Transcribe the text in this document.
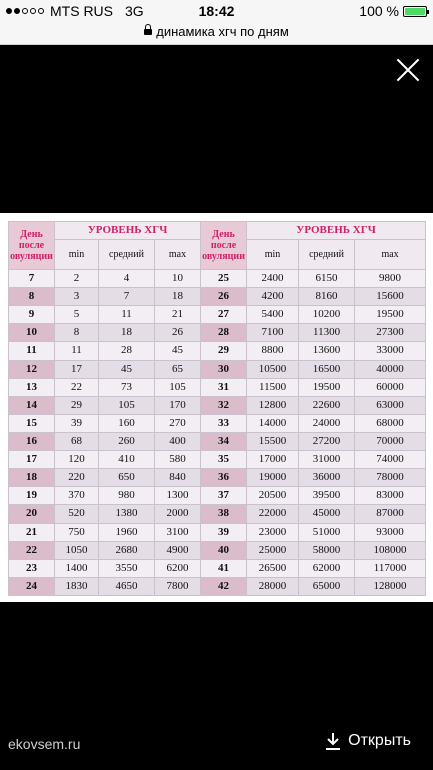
MTS RUS 3G	18:42	100 %
динамика хгч по дням
День после овуляции	УРОВЕНЬ ХГЧ			День после овуляции	УРОВЕНЬ ХГЧ		
	min	средний	max		min	средний	max
7	2	4	10	25	2400	6150	9800
8	3	7	18	26	4200	8160	15600
9	5	11	21	27	5400	10200	19500
10	8	18	26	28	7100	11300	27300
11	11	28	45	29	8800	13600	33000
12	17	45	65	30	10500	16500	40000
13	22	73	105	31	11500	19500	60000
14	29	105	170	32	12800	22600	63000
15	39	160	270	33	14000	24000	68000
16	68	260	400	34	15500	27200	70000
17	120	410	580	35	17000	31000	74000
18	220	650	840	36	19000	36000	78000
19	370	980	1300	37	20500	39500	83000
20	520	1380	2000	38	22000	45000	87000
21	750	1960	3100	39	23000	51000	93000
22	1050	2680	4900	40	25000	58000	108000
23	1400	3550	6200	41	26500	62000	117000
24	1830	4650	7800	42	28000	65000	128000
ekovsem.ru	Открыть
